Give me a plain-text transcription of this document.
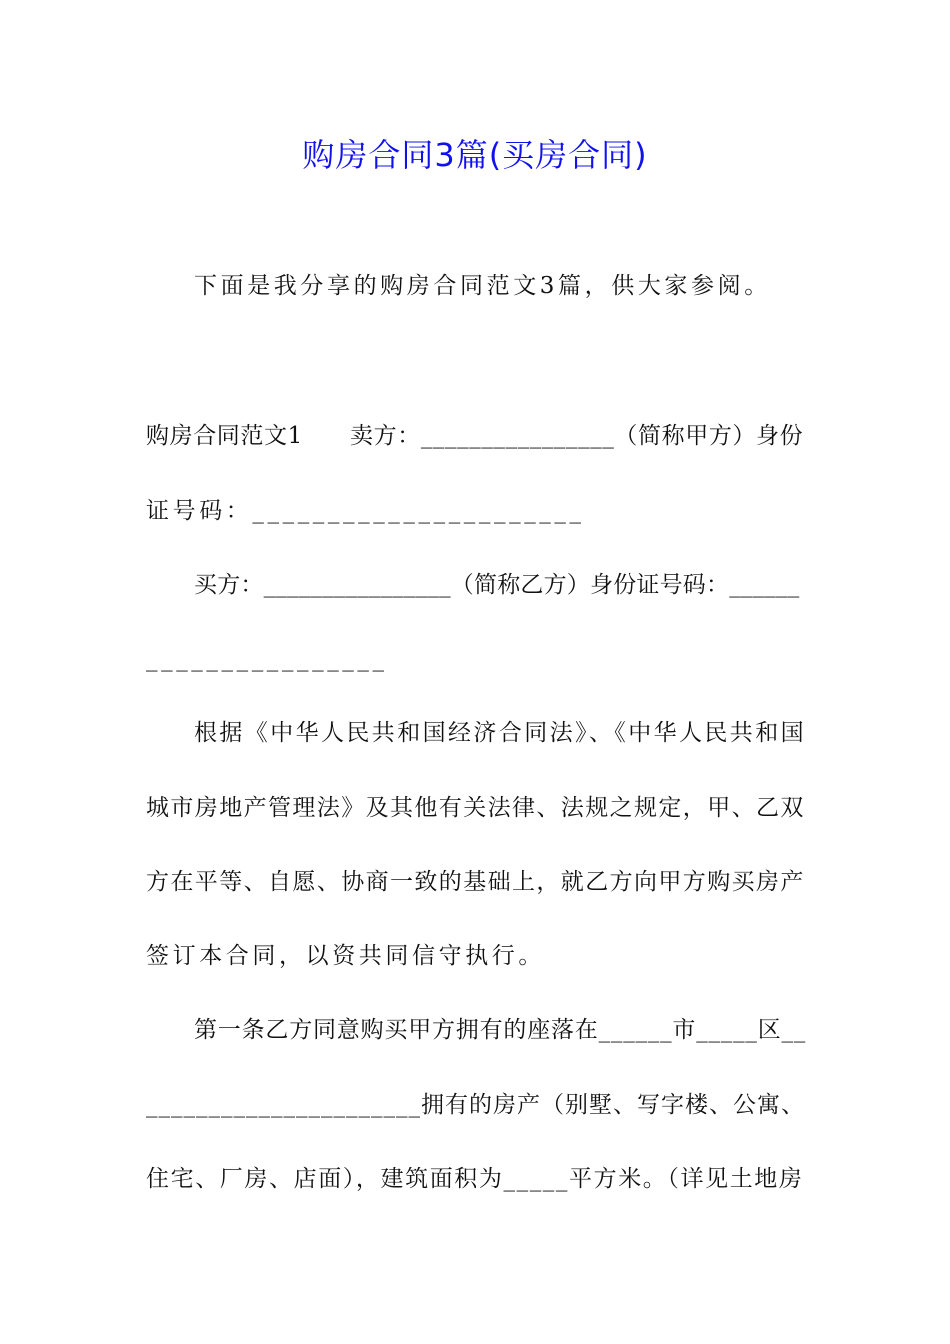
购房合同3篇(买房合同)

下面是我分享的购房合同范文3篇，供大家参阅。

购房合同范文1　　卖方：________________（简称甲方）身份

证号码：______________________

买方：________________（简称乙方）身份证号码：______

________________

根据《中华人民共和国经济合同法》、《中华人民共和国

城市房地产管理法》及其他有关法律、法规之规定，甲、乙双

方在平等、自愿、协商一致的基础上，就乙方向甲方购买房产

签订本合同，以资共同信守执行。

第一条乙方同意购买甲方拥有的座落在______市_____区__

______________________拥有的房产（别墅、写字楼、公寓、

住宅、厂房、店面），建筑面积为_____平方米。（详见土地房
